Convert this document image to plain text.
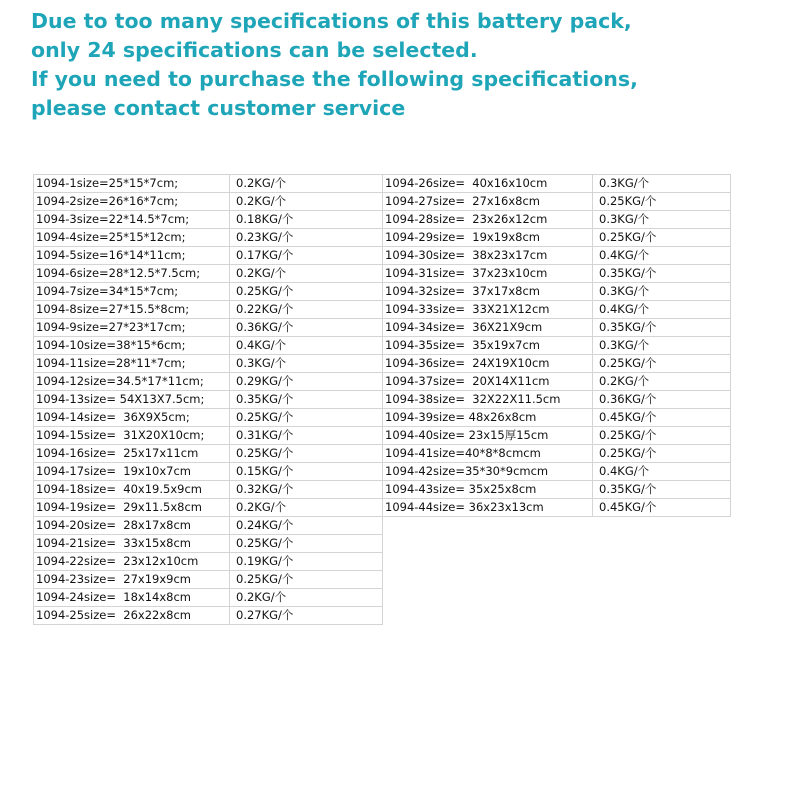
Due to too many specifications of this battery pack,
only 24 specifications can be selected.
If you need to purchase the following specifications,
please contact customer service
1094-1size=25*15*7cm;	0.2KG/个
1094-2size=26*16*7cm;	0.2KG/个
1094-3size=22*14.5*7cm;	0.18KG/个
1094-4size=25*15*12cm;	0.23KG/个
1094-5size=16*14*11cm;	0.17KG/个
1094-6size=28*12.5*7.5cm;	0.2KG/个
1094-7size=34*15*7cm;	0.25KG/个
1094-8size=27*15.5*8cm;	0.22KG/个
1094-9size=27*23*17cm;	0.36KG/个
1094-10size=38*15*6cm;	0.4KG/个
1094-11size=28*11*7cm;	0.3KG/个
1094-12size=34.5*17*11cm;	0.29KG/个
1094-13size= 54X13X7.5cm;	0.35KG/个
1094-14size=  36X9X5cm;	0.25KG/个
1094-15size=  31X20X10cm;	0.31KG/个
1094-16size=  25x17x11cm	0.25KG/个
1094-17size=  19x10x7cm	0.15KG/个
1094-18size=  40x19.5x9cm	0.32KG/个
1094-19size=  29x11.5x8cm	0.2KG/个
1094-20size=  28x17x8cm	0.24KG/个
1094-21size=  33x15x8cm	0.25KG/个
1094-22size=  23x12x10cm	0.19KG/个
1094-23size=  27x19x9cm	0.25KG/个
1094-24size=  18x14x8cm	0.2KG/个
1094-25size=  26x22x8cm	0.27KG/个
1094-26size=  40x16x10cm	0.3KG/个
1094-27size=  27x16x8cm	0.25KG/个
1094-28size=  23x26x12cm	0.3KG/个
1094-29size=  19x19x8cm	0.25KG/个
1094-30size=  38x23x17cm	0.4KG/个
1094-31size=  37x23x10cm	0.35KG/个
1094-32size=  37x17x8cm	0.3KG/个
1094-33size=  33X21X12cm	0.4KG/个
1094-34size=  36X21X9cm	0.35KG/个
1094-35size=  35x19x7cm	0.3KG/个
1094-36size=  24X19X10cm	0.25KG/个
1094-37size=  20X14X11cm	0.2KG/个
1094-38size=  32X22X11.5cm	0.36KG/个
1094-39size= 48x26x8cm	0.45KG/个
1094-40size= 23x15厚15cm	0.25KG/个
1094-41size=40*8*8cmcm	0.25KG/个
1094-42size=35*30*9cmcm	0.4KG/个
1094-43size= 35x25x8cm	0.35KG/个
1094-44size= 36x23x13cm	0.45KG/个
